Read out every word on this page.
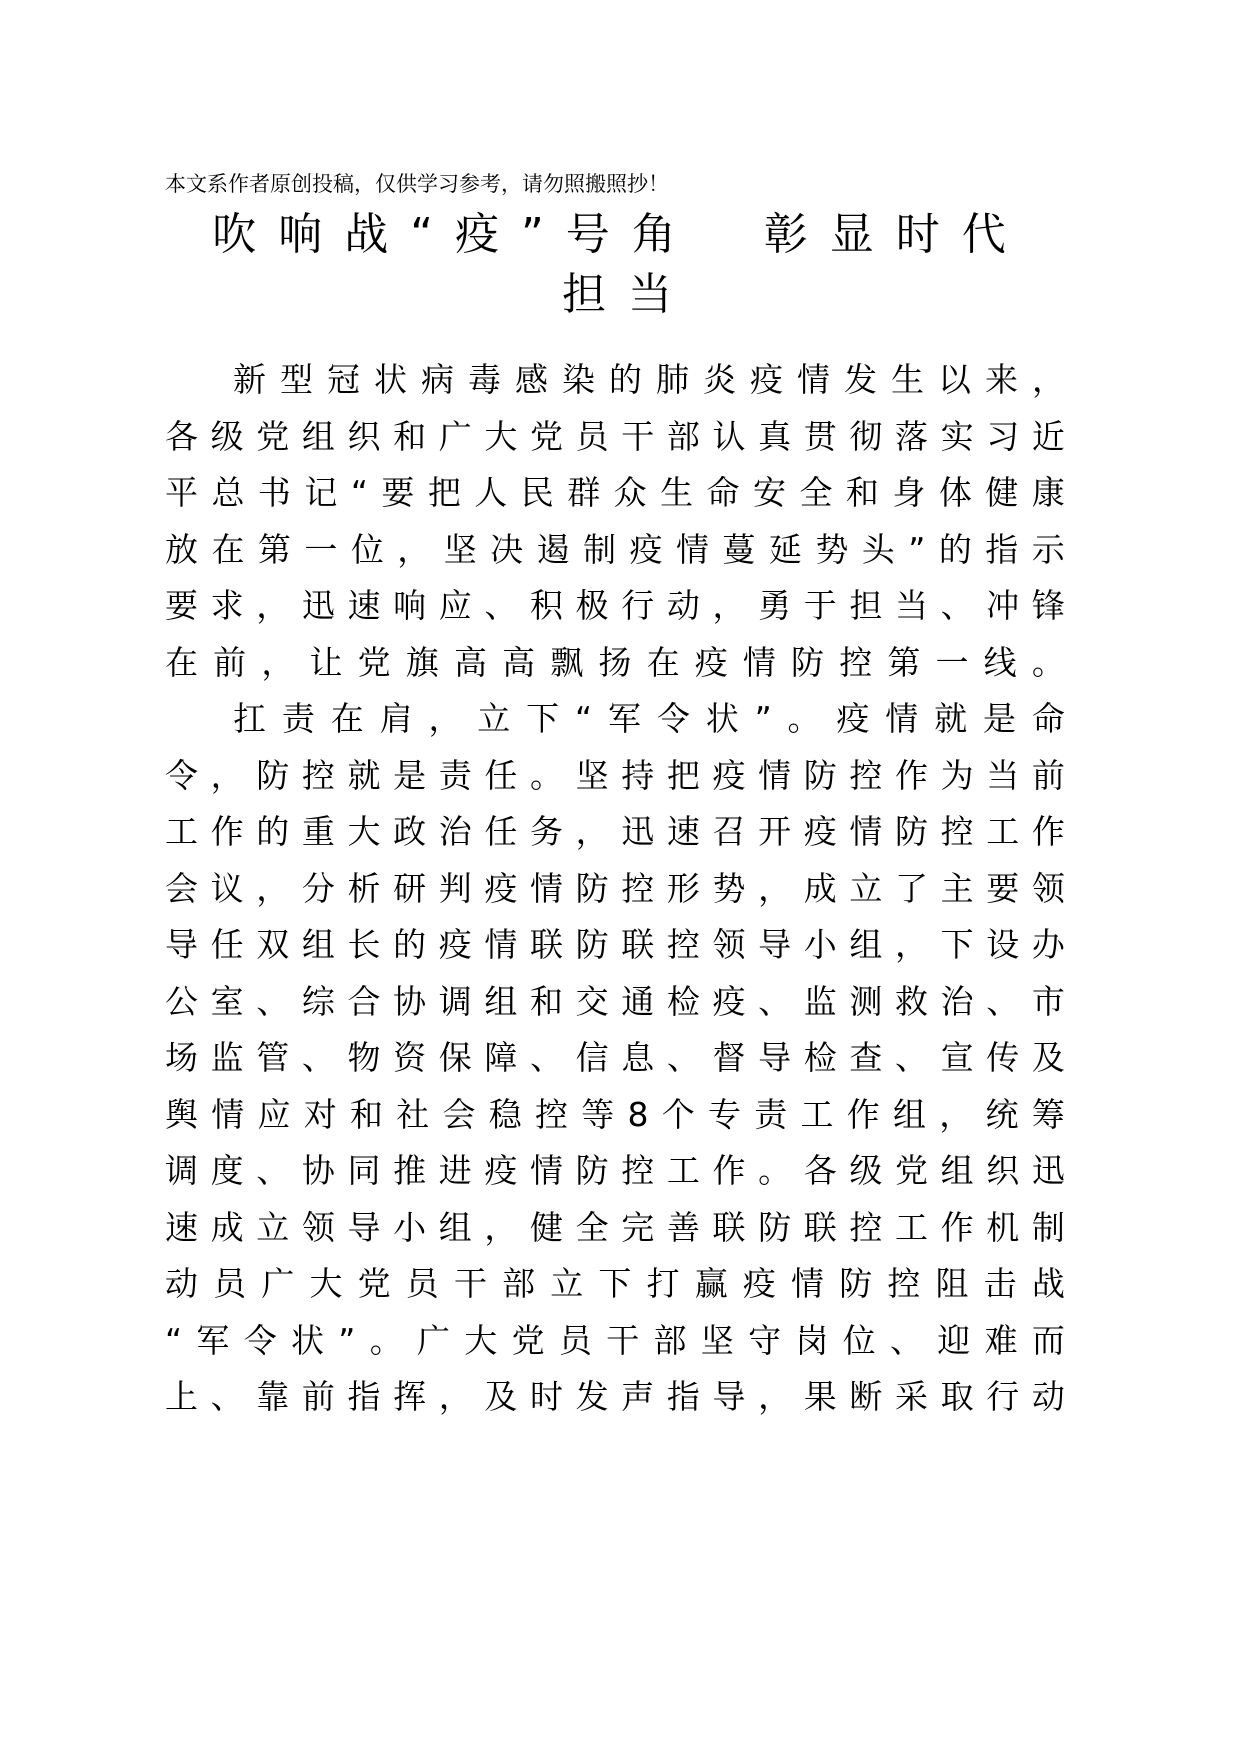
本文系作者原创投稿，仅供学习参考，请勿照搬照抄！
吹响战“疫”号角　彰显时代
担当
新 型 冠 状 病 毒 感 染 的 肺 炎 疫 情 发 生 以 来 ，
各 级 党 组 织 和 广 大 党 员 干 部 认 真 贯 彻 落 实 习 近
平 总 书 记 “ 要 把 人 民 群 众 生 命 安 全 和 身 体 健 康
放 在 第 一 位 ， 坚 决 遏 制 疫 情 蔓 延 势 头 ” 的 指 示
要 求 ， 迅 速 响 应 、 积 极 行 动 ， 勇 于 担 当 、 冲 锋
在 前 ， 让 党 旗 高 高 飘 扬 在 疫 情 防 控 第 一 线 。
扛 责 在 肩 ， 立 下 “ 军 令 状 ” 。 疫 情 就 是 命
令 ， 防 控 就 是 责 任 。 坚 持 把 疫 情 防 控 作 为 当 前
工 作 的 重 大 政 治 任 务 ， 迅 速 召 开 疫 情 防 控 工 作
会 议 ， 分 析 研 判 疫 情 防 控 形 势 ， 成 立 了 主 要 领
导 任 双 组 长 的 疫 情 联 防 联 控 领 导 小 组 ， 下 设 办
公 室 、 综 合 协 调 组 和 交 通 检 疫 、 监 测 救 治 、 市
场 监 管 、 物 资 保 障 、 信 息 、 督 导 检 查 、 宣 传 及
舆 情 应 对 和 社 会 稳 控 等 8 个 专 责 工 作 组 ， 统 筹
调 度 、 协 同 推 进 疫 情 防 控 工 作 。 各 级 党 组 织 迅
速 成 立 领 导 小 组 ， 健 全 完 善 联 防 联 控 工 作 机 制
动 员 广 大 党 员 干 部 立 下 打 赢 疫 情 防 控 阻 击 战
“ 军 令 状 ” 。 广 大 党 员 干 部 坚 守 岗 位 、 迎 难 而
上 、 靠 前 指 挥 ， 及 时 发 声 指 导 ， 果 断 采 取 行 动
